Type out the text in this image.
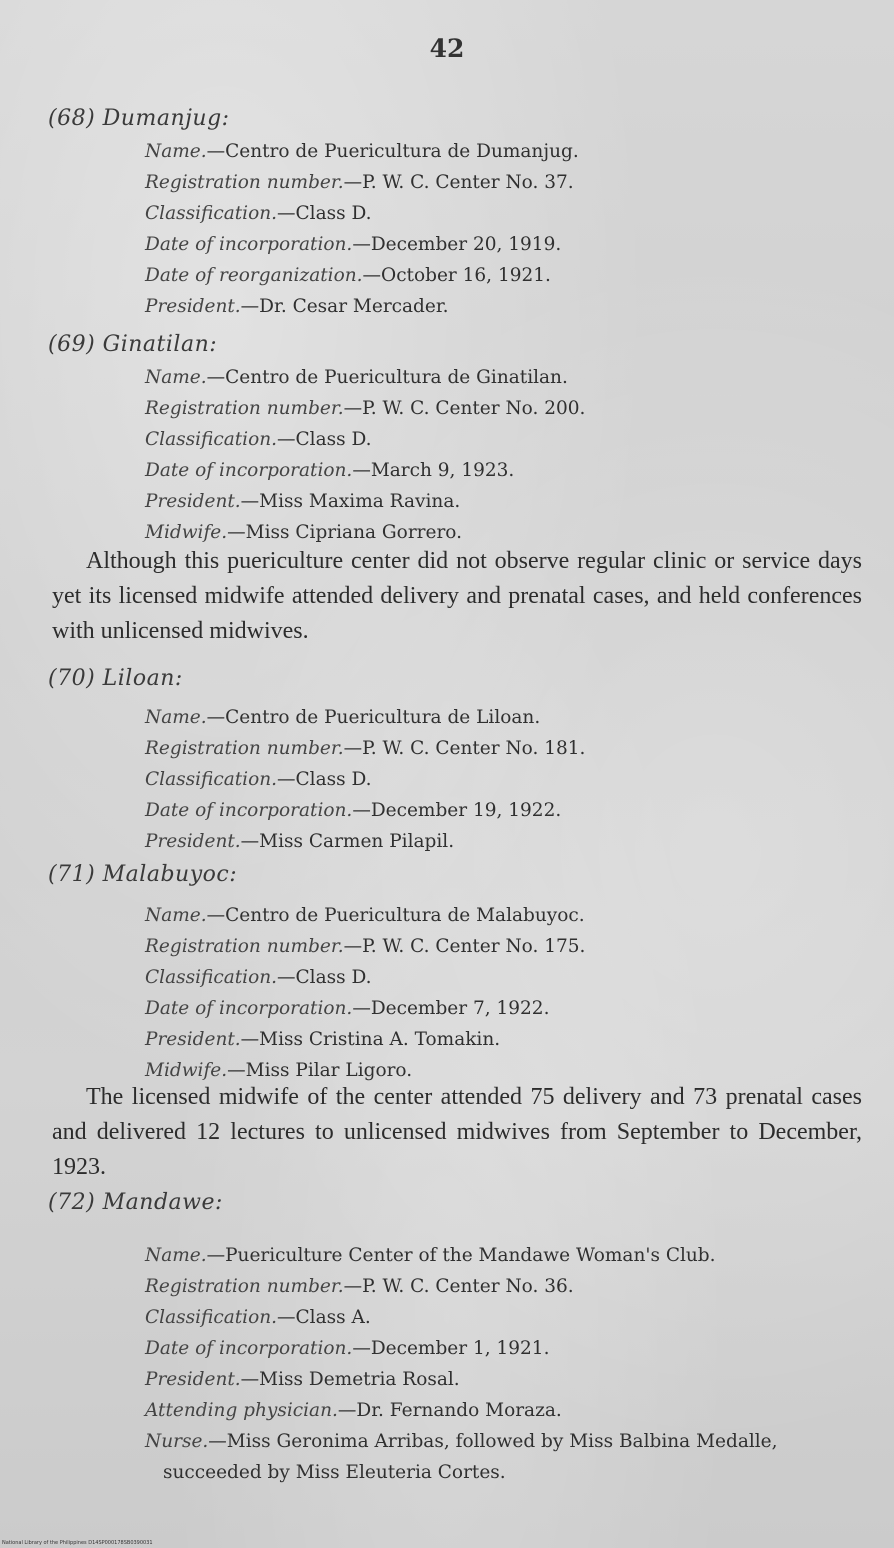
42
(68) Dumanjug:
Name.—Centro de Puericultura de Dumanjug.
Registration number.—P. W. C. Center No. 37.
Classification.—Class D.
Date of incorporation.—December 20, 1919.
Date of reorganization.—October 16, 1921.
President.—Dr. Cesar Mercader.
(69) Ginatilan:
Name.—Centro de Puericultura de Ginatilan.
Registration number.—P. W. C. Center No. 200.
Classification.—Class D.
Date of incorporation.—March 9, 1923.
President.—Miss Maxima Ravina.
Midwife.—Miss Cipriana Gorrero.

Although this puericulture center did not observe regular clinic or service days yet its licensed midwife attended delivery and prenatal cases, and held conferences with unlicensed midwives.

(70) Liloan:
Name.—Centro de Puericultura de Liloan.
Registration number.—P. W. C. Center No. 181.
Classification.—Class D.
Date of incorporation.—December 19, 1922.
President.—Miss Carmen Pilapil.
(71) Malabuyoc:
Name.—Centro de Puericultura de Malabuyoc.
Registration number.—P. W. C. Center No. 175.
Classification.—Class D.
Date of incorporation.—December 7, 1922.
President.—Miss Cristina A. Tomakin.
Midwife.—Miss Pilar Ligoro.

The licensed midwife of the center attended 75 delivery and 73 prenatal cases and delivered 12 lectures to unlicensed midwives from September to December, 1923.

(72) Mandawe:
Name.—Puericulture Center of the Mandawe Woman's Club.
Registration number.—P. W. C. Center No. 36.
Classification.—Class A.
Date of incorporation.—December 1, 1921.
President.—Miss Demetria Rosal.
Attending physician.—Dr. Fernando Moraza.
Nurse.—Miss Geronima Arribas, followed by Miss Balbina Medalle,
succeeded by Miss Eleuteria Cortes.
National Library of the Philippines D14SP000178SB0390031
